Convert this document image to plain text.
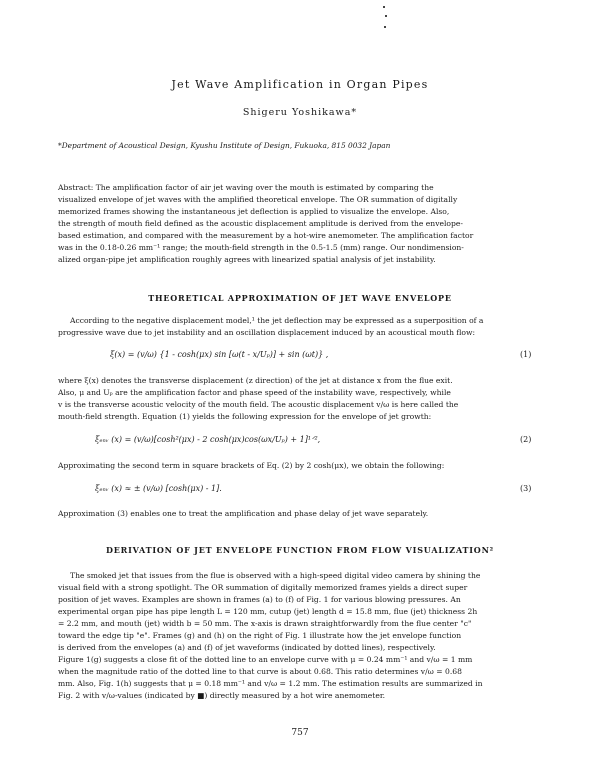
Jet Wave Amplification in Organ Pipes
Shigeru Yoshikawa*
*Department of Acoustical Design, Kyushu Institute of Design, Fukuoka, 815 0032 Japan
Abstract: The amplification factor of air jet waving over the mouth is estimated by comparing the
visualized envelope of jet waves with the amplified theoretical envelope. The OR summation of digitally
memorized frames showing the instantaneous jet deflection is applied to visualize the envelope. Also,
the strength of mouth field defined as the acoustic displacement amplitude is derived from the envelope-
based estimation, and compared with the measurement by a hot-wire anemometer. The amplification factor
was in the 0.18-0.26 mm⁻¹ range; the mouth-field strength in the 0.5-1.5 (mm) range. Our nondimension-
alized organ-pipe jet amplification roughly agrees with linearized spatial analysis of jet instability.
THEORETICAL APPROXIMATION OF JET WAVE ENVELOPE
According to the negative displacement model,¹ the jet deflection may be expressed as a superposition of a
progressive wave due to jet instability and an oscillation displacement induced by an acoustical mouth flow:
ξ(x) = (v/ω) {1 - cosh(μx) sin [ω(t - x/Uₚ)] + sin (ωt)} ,	(1)
where ξ(x) denotes the transverse displacement (z direction) of the jet at distance x from the flue exit.
Also, μ and Uₚ are the amplification factor and phase speed of the instability wave, respectively, while
v is the transverse acoustic velocity of the mouth field. The acoustic displacement v/ω is here called the
mouth-field strength. Equation (1) yields the following expression for the envelope of jet growth:
ξₑₙᵥ (x) = (v/ω)[cosh²(μx) - 2 cosh(μx)cos(ωx/Uₚ) + 1]¹ᐟ²,	(2)
Approximating the second term in square brackets of Eq. (2) by 2 cosh(μx), we obtain the following:
ξₑₙᵥ (x) ≈ ± (v/ω) [cosh(μx) - 1].	(3)
Approximation (3) enables one to treat the amplification and phase delay of jet wave separately.
DERIVATION OF JET ENVELOPE FUNCTION FROM FLOW VISUALIZATION²
The smoked jet that issues from the flue is observed with a high-speed digital video camera by shining the
visual field with a strong spotlight. The OR summation of digitally memorized frames yields a direct super
position of jet waves. Examples are shown in frames (a) to (f) of Fig. 1 for various blowing pressures. An
experimental organ pipe has pipe length L = 120 mm, cutup (jet) length d = 15.8 mm, flue (jet) thickness 2h
= 2.2 mm, and mouth (jet) width b = 50 mm. The x-axis is drawn straightforwardly from the flue center "c"
toward the edge tip "e". Frames (g) and (h) on the right of Fig. 1 illustrate how the jet envelope function
is derived from the envelopes (a) and (f) of jet waveforms (indicated by dotted lines), respectively.
Figure 1(g) suggests a close fit of the dotted line to an envelope curve with μ = 0.24 mm⁻¹ and v/ω = 1 mm
when the magnitude ratio of the dotted line to that curve is about 0.68. This ratio determines v/ω = 0.68
mm. Also, Fig. 1(h) suggests that μ = 0.18 mm⁻¹ and v/ω = 1.2 mm. The estimation results are summarized in
Fig. 2 with v/ω-values (indicated by ■) directly measured by a hot wire anemometer.
757
